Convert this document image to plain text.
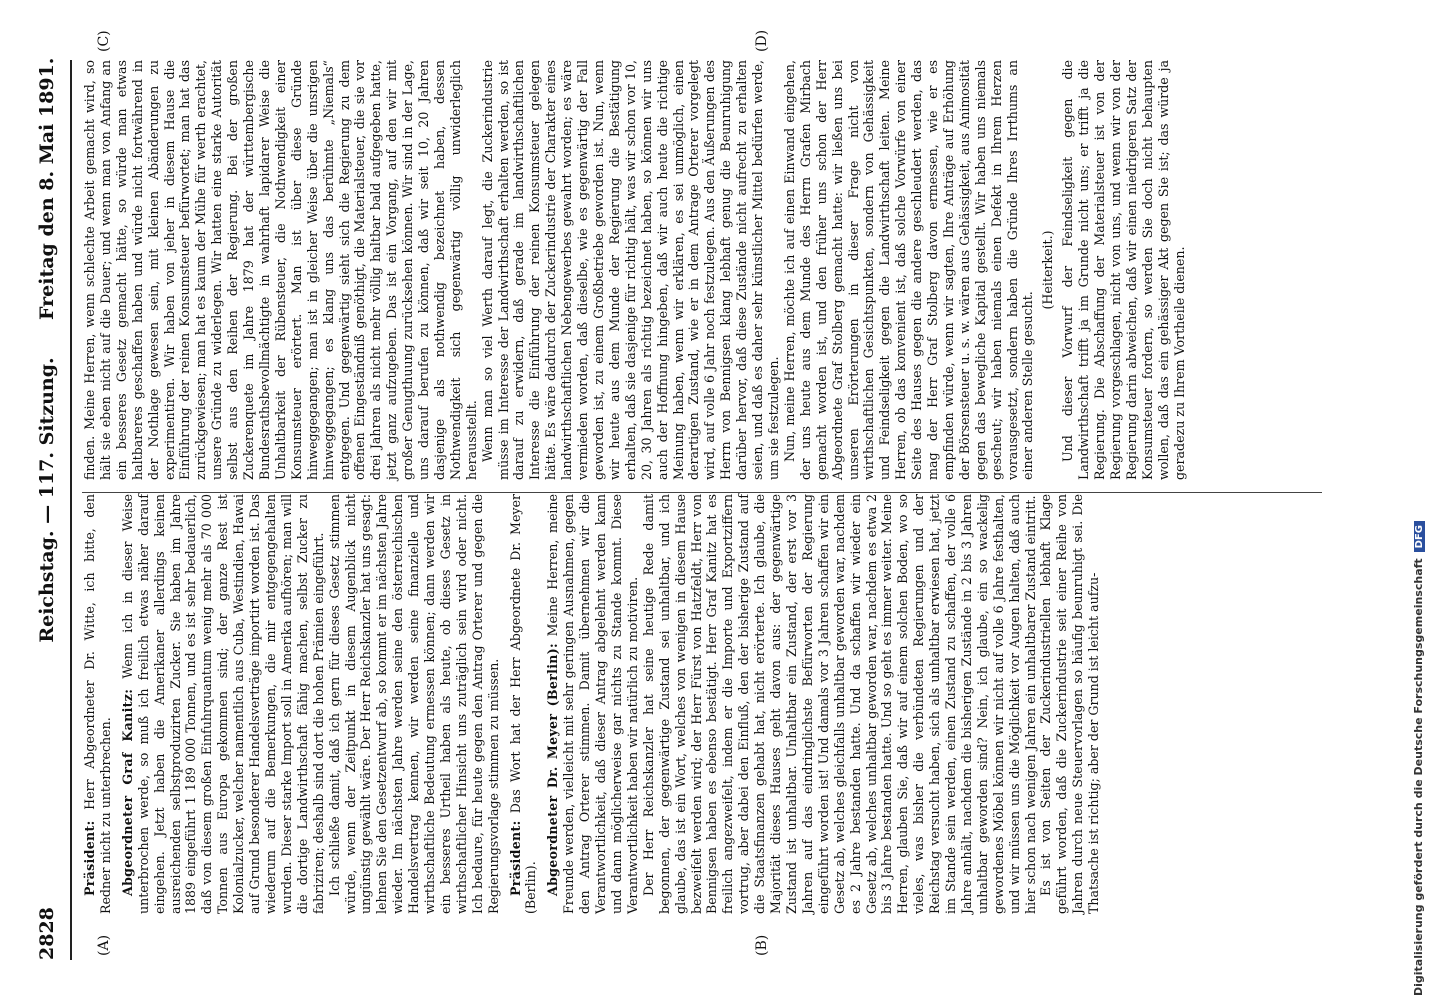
2828
Reichstag. — 117. Sitzung.
Freitag den 8. Mai 1891.
(A)	(B)
(C)	(D)

Präsident: Herr Abgeordneter Dr. Witte, ich bitte, den Redner nicht zu unterbrechen. Abgeordneter Graf Kanitz: Wenn ich in dieser Weise unterbrochen werde, so muß ich freilich etwas näher darauf eingehen. Jetzt haben die Amerikaner allerdings keinen ausreichenden selbstproduzirten Zucker. Sie haben im Jahre 1889 eingeführt 1 189 000 Tonnen, und es ist sehr bedauerlich, daß von diesem großen Einfuhrquantum wenig mehr als 70 000 Tonnen aus Europa gekommen sind; der ganze Rest ist Kolonialzucker, welcher namentlich aus Cuba, Westindien, Hawai auf Grund besonderer Handelsverträge importirt worden ist. Das wiederum auf die Bemerkungen, die mir entgegengehalten wurden. Dieser starke Import soll in Amerika aufhören; man will die dortige Landwirthschaft fähig machen, selbst Zucker zu fabriziren; deshalb sind dort die hohen Prämien eingeführt. Ich schließe damit, daß ich gern für dieses Gesetz stimmen würde, wenn der Zeitpunkt in diesem Augenblick nicht ungünstig gewählt wäre. Der Herr Reichskanzler hat uns gesagt: lehnen Sie den Gesetzentwurf ab, so kommt er im nächsten Jahre wieder. Im nächsten Jahre werden seine den österreichischen Handelsvertrag kennen, wir werden seine finanzielle und wirthschaftliche Bedeutung ermessen können; dann werden wir ein besseres Urtheil haben als heute, ob dieses Gesetz in wirthschaftlicher Hinsicht uns zuträglich sein wird oder nicht. Ich bedaure, für heute gegen den Antrag Orterer und gegen die Regierungsvorlage stimmen zu müssen. Präsident: Das Wort hat der Herr Abgeordnete Dr. Meyer (Berlin). Abgeordneter Dr. Meyer (Berlin): Meine Herren, meine Freunde werden, vielleicht mit sehr geringen Ausnahmen, gegen den Antrag Orterer stimmen. Damit übernehmen wir die Verantwortlichkeit, daß dieser Antrag abgelehnt werden kann und dann möglicherweise gar nichts zu Stande kommt. Diese Verantwortlichkeit haben wir natürlich zu motiviren. Der Herr Reichskanzler hat seine heutige Rede damit begonnen, der gegenwärtige Zustand sei unhaltbar, und ich glaube, das ist ein Wort, welches von wenigen in diesem Hause bezweifelt werden wird; der Herr Fürst von Hatzfeldt, Herr von Bennigsen haben es ebenso bestätigt. Herr Graf Kanitz hat es freilich angezweifelt, indem er die Importe und Exportziffern vortrug, aber dabei den Einfluß, den der bisherige Zustand auf die Staatsfinanzen gehabt hat, nicht erörterte. Ich glaube, die Majorität dieses Hauses geht davon aus: der gegenwärtige Zustand ist unhaltbar. Unhaltbar ein Zustand, der erst vor 3 Jahren auf das eindringlichste Befürworten der Regierung eingeführt worden ist! Und damals vor 3 Jahren schaffen wir ein Gesetz ab, welches gleichfalls unhaltbar geworden war, nachdem es 2 Jahre bestanden hatte. Und da schaffen wir wieder ein Gesetz ab, welches unhaltbar geworden war, nachdem es etwa 2 bis 3 Jahre bestanden hatte. Und so geht es immer weiter. Meine Herren, glauben Sie, daß wir auf einem solchen Boden, wo so vieles, was bisher die verbündeten Regierungen und der Reichstag versucht haben, sich als unhaltbar erwiesen hat, jetzt im Stande sein werden, einen Zustand zu schaffen, der volle 6 Jahre anhält, nachdem die bisherigen Zustände in 2 bis 3 Jahren unhaltbar geworden sind? Nein, ich glaube, ein so wackelig gewordenes Möbel können wir nicht auf volle 6 Jahre festhalten, und wir müssen uns die Möglichkeit vor Augen halten, daß auch hier schon nach wenigen Jahren ein unhaltbarer Zustand eintritt. Es ist von Seiten der Zuckerindustriellen lebhaft Klage geführt worden, daß die Zuckerindustrie seit einer Reihe von Jahren durch neue Steuervorlagen so häufig beunruhigt sei. Die Thatsache ist richtig; aber der Grund ist leicht aufzu-

finden. Meine Herren, wenn schlechte Arbeit gemacht wird, so hält sie eben nicht auf die Dauer; und wenn man von Anfang an ein besseres Gesetz gemacht hätte, so würde man etwas haltbareres geschaffen haben und würde nicht fortwährend in der Nothlage gewesen sein, mit kleinen Abänderungen zu experimentiren. Wir haben von jeher in diesem Hause die Einführung der reinen Konsumsteuer befürwortet; man hat das zurückgewiesen; man hat es kaum der Mühe für werth erachtet, unsere Gründe zu widerlegen. Wir hatten eine starke Autorität selbst aus den Reihen der Regierung. Bei der großen Zuckerenquete im Jahre 1879 hat der württembergische Bundesrathsbevollmächtigte in wahrhaft lapidarer Weise die Unhaltbarkeit der Rübensteuer, die Nothwendigkeit einer Konsumsteuer erörtert. Man ist über diese Gründe hinweggegangen; man ist in gleicher Weise über die unsrigen hinweggegangen; es klang uns das berühmte „Niemals“ entgegen. Und gegenwärtig sieht sich die Regierung zu dem offenen Eingeständniß genöthigt, die Materialsteuer, die sie vor drei Jahren als nicht mehr völlig haltbar bald aufgegeben hatte, jetzt ganz aufzugeben. Das ist ein Vorgang, auf den wir mit großer Genugthuung zurücksehen können. Wir sind in der Lage, uns darauf berufen zu können, daß wir seit 10, 20 Jahren dasjenige als nothwendig bezeichnet haben, dessen Nothwendigkeit sich gegenwärtig völlig unwiderleglich herausstellt. Wenn man so viel Werth darauf legt, die Zuckerindustrie müsse im Interesse der Landwirthschaft erhalten werden, so ist darauf zu erwidern, daß gerade im landwirthschaftlichen Interesse die Einführung der reinen Konsumsteuer gelegen hätte. Es wäre dadurch der Zuckerindustrie der Charakter eines landwirthschaftlichen Nebengewerbes gewahrt worden; es wäre vermieden worden, daß dieselbe, wie es gegenwärtig der Fall geworden ist, zu einem Großbetriebe geworden ist. Nun, wenn wir heute aus dem Munde der Regierung die Bestätigung erhalten, daß sie dasjenige für richtig hält, was wir schon vor 10, 20, 30 Jahren als richtig bezeichnet haben, so können wir uns auch der Hoffnung hingeben, daß wir auch heute die richtige Meinung haben, wenn wir erklären, es sei unmöglich, einen derartigen Zustand, wie er in dem Antrage Orterer vorgelegt wird, auf volle 6 Jahr noch festzulegen. Aus den Äußerungen des Herrn von Bennigsen klang lebhaft genug die Beunruhigung darüber hervor, daß diese Zustände nicht aufrecht zu erhalten seien, und daß es daher sehr künstlicher Mittel bedürfen werde, um sie festzulegen. Nun, meine Herren, möchte ich auf einen Einwand eingehen, der uns heute aus dem Munde des Herrn Grafen Mirbach gemacht worden ist, und den früher uns schon der Herr Abgeordnete Graf Stolberg gemacht hatte: wir ließen uns bei unseren Erörterungen in dieser Frage nicht von wirthschaftlichen Gesichtspunkten, sondern von Gehässigkeit und Feindseligkeit gegen die Landwirthschaft leiten. Meine Herren, ob das konvenient ist, daß solche Vorwürfe von einer Seite des Hauses gegen die andere geschleudert werden, das mag der Herr Graf Stolberg davon ermessen, wie er es empfinden würde, wenn wir sagten, Ihre Anträge auf Erhöhung der Börsensteuer u. s. w. wären aus Gehässigkeit, aus Animosität gegen das bewegliche Kapital gestellt. Wir haben uns niemals gescheut; wir haben niemals einen Defekt in Ihrem Herzen vorausgesetzt, sondern haben die Gründe Ihres Irrthums an einer anderen Stelle gesucht.

(Heiterkeit.) Und dieser Vorwurf der Feindseligkeit gegen die Landwirthschaft trifft ja im Grunde nicht uns; er trifft ja die Regierung. Die Abschaffung der Materialsteuer ist von der Regierung vorgeschlagen, nicht von uns, und wenn wir von der Regierung darin abweichen, daß wir einen niedrigeren Satz der Konsumsteuer fordern, so werden Sie doch nicht behaupten wollen, daß das ein gehässiger Akt gegen Sie ist; das würde ja geradezu zu Ihrem Vortheile dienen.

Digitalisierung gefördert durch die Deutsche ForschungsgemeinschaftDFG
